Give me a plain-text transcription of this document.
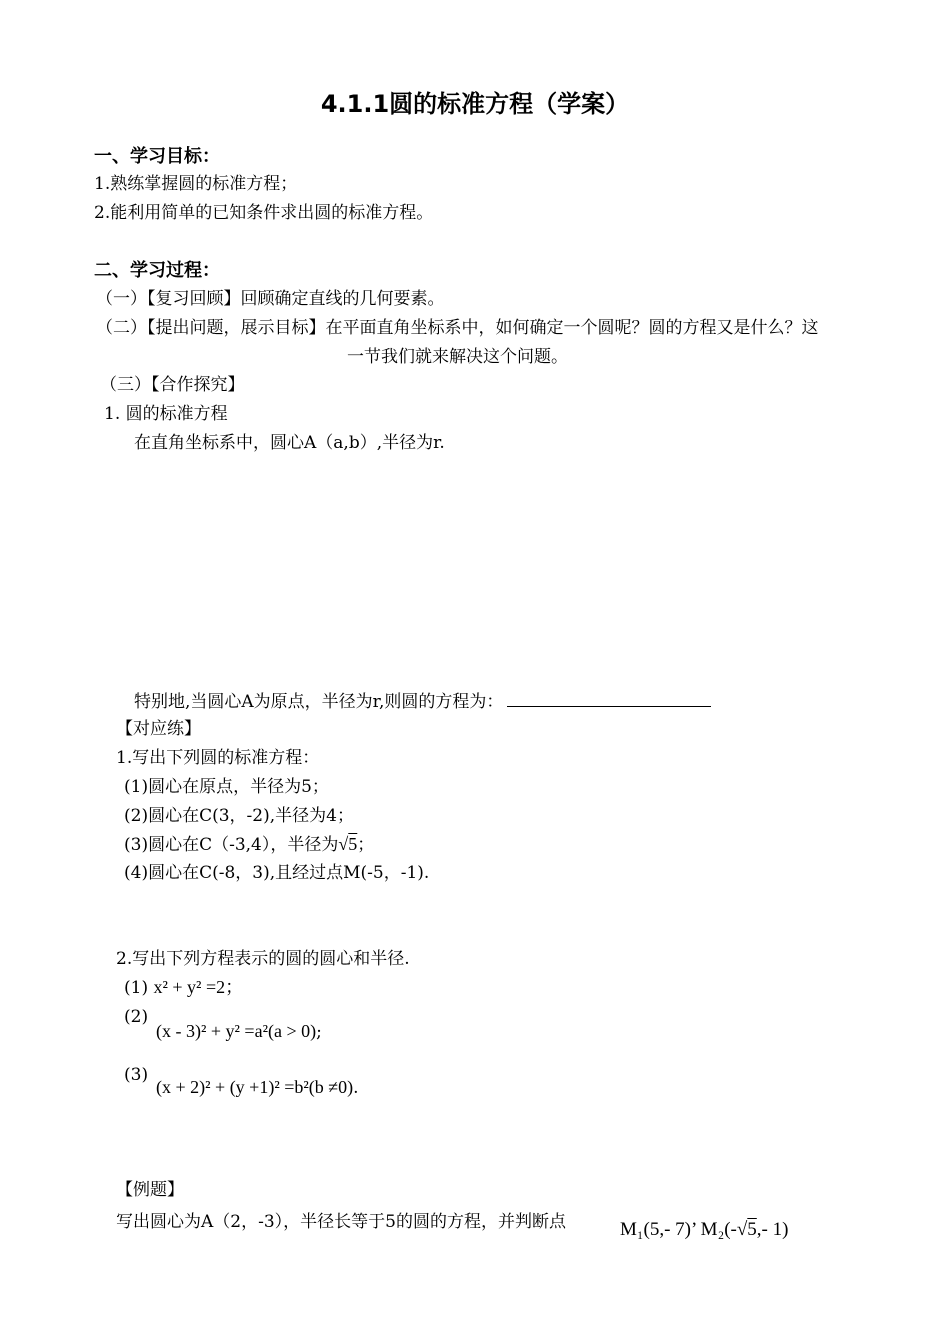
4.1.1圆的标准方程（学案）
一、学习目标：
1.熟练掌握圆的标准方程；
2.能利用简单的已知条件求出圆的标准方程。
二、学习过程：
（一）【复习回顾】回顾确定直线的几何要素。
（二）【提出问题，展示目标】在平面直角坐标系中，如何确定一个圆呢？圆的方程又是什么？这
一节我们就来解决这个问题。
（三）【合作探究】
1. 圆的标准方程
在直角坐标系中，圆心A（a,b）,半径为r.
特别地,当圆心A为原点，半径为r,则圆的方程为：
【对应练】
1.写出下列圆的标准方程：
(1)圆心在原点，半径为5；
(2)圆心在C(3，-2),半径为4；
(3)圆心在C（-3,4），半径为√5；
(4)圆心在C(-8，3),且经过点M(-5，-1).
2.写出下列方程表示的圆的圆心和半径.
(1) x² + y² =2；
(2)
(x - 3)² + y² =a²(a > 0);
(3)
(x + 2)² + (y +1)² =b²(b ≠0).
【例题】
写出圆心为A（2，-3），半径长等于5的圆的方程，并判断点	M₁(5,- 7)’ M₂(-√5,- 1)
